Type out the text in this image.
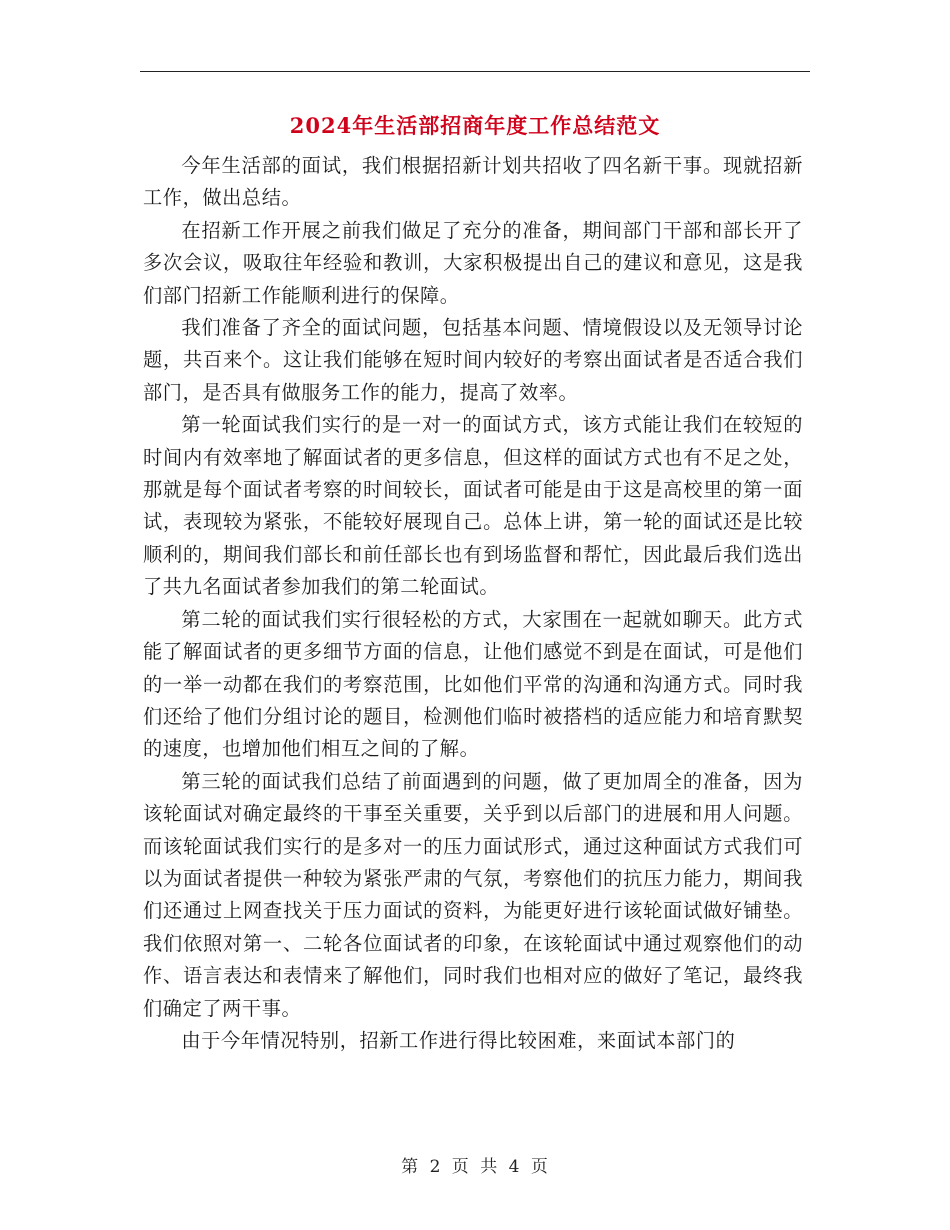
2024年生活部招商年度工作总结范文

今年生活部的面试，我们根据招新计划共招收了四名新干事。现就招新工作，做出总结。

在招新工作开展之前我们做足了充分的准备，期间部门干部和部长开了多次会议，吸取往年经验和教训，大家积极提出自己的建议和意见，这是我们部门招新工作能顺利进行的保障。

我们准备了齐全的面试问题，包括基本问题、情境假设以及无领导讨论题，共百来个。这让我们能够在短时间内较好的考察出面试者是否适合我们部门，是否具有做服务工作的能力，提高了效率。

第一轮面试我们实行的是一对一的面试方式，该方式能让我们在较短的时间内有效率地了解面试者的更多信息，但这样的面试方式也有不足之处，那就是每个面试者考察的时间较长，面试者可能是由于这是高校里的第一面试，表现较为紧张，不能较好展现自己。总体上讲，第一轮的面试还是比较顺利的，期间我们部长和前任部长也有到场监督和帮忙，因此最后我们选出了共九名面试者参加我们的第二轮面试。

第二轮的面试我们实行很轻松的方式，大家围在一起就如聊天。此方式能了解面试者的更多细节方面的信息，让他们感觉不到是在面试，可是他们的一举一动都在我们的考察范围，比如他们平常的沟通和沟通方式。同时我们还给了他们分组讨论的题目，检测他们临时被搭档的适应能力和培育默契的速度，也增加他们相互之间的了解。

第三轮的面试我们总结了前面遇到的问题，做了更加周全的准备，因为该轮面试对确定最终的干事至关重要，关乎到以后部门的进展和用人问题。而该轮面试我们实行的是多对一的压力面试形式，通过这种面试方式我们可以为面试者提供一种较为紧张严肃的气氛，考察他们的抗压力能力，期间我们还通过上网查找关于压力面试的资料，为能更好进行该轮面试做好铺垫。我们依照对第一、二轮各位面试者的印象，在该轮面试中通过观察他们的动作、语言表达和表情来了解他们，同时我们也相对应的做好了笔记，最终我们确定了两干事。

由于今年情况特别，招新工作进行得比较困难，来面试本部门的

第 2 页 共 4 页
